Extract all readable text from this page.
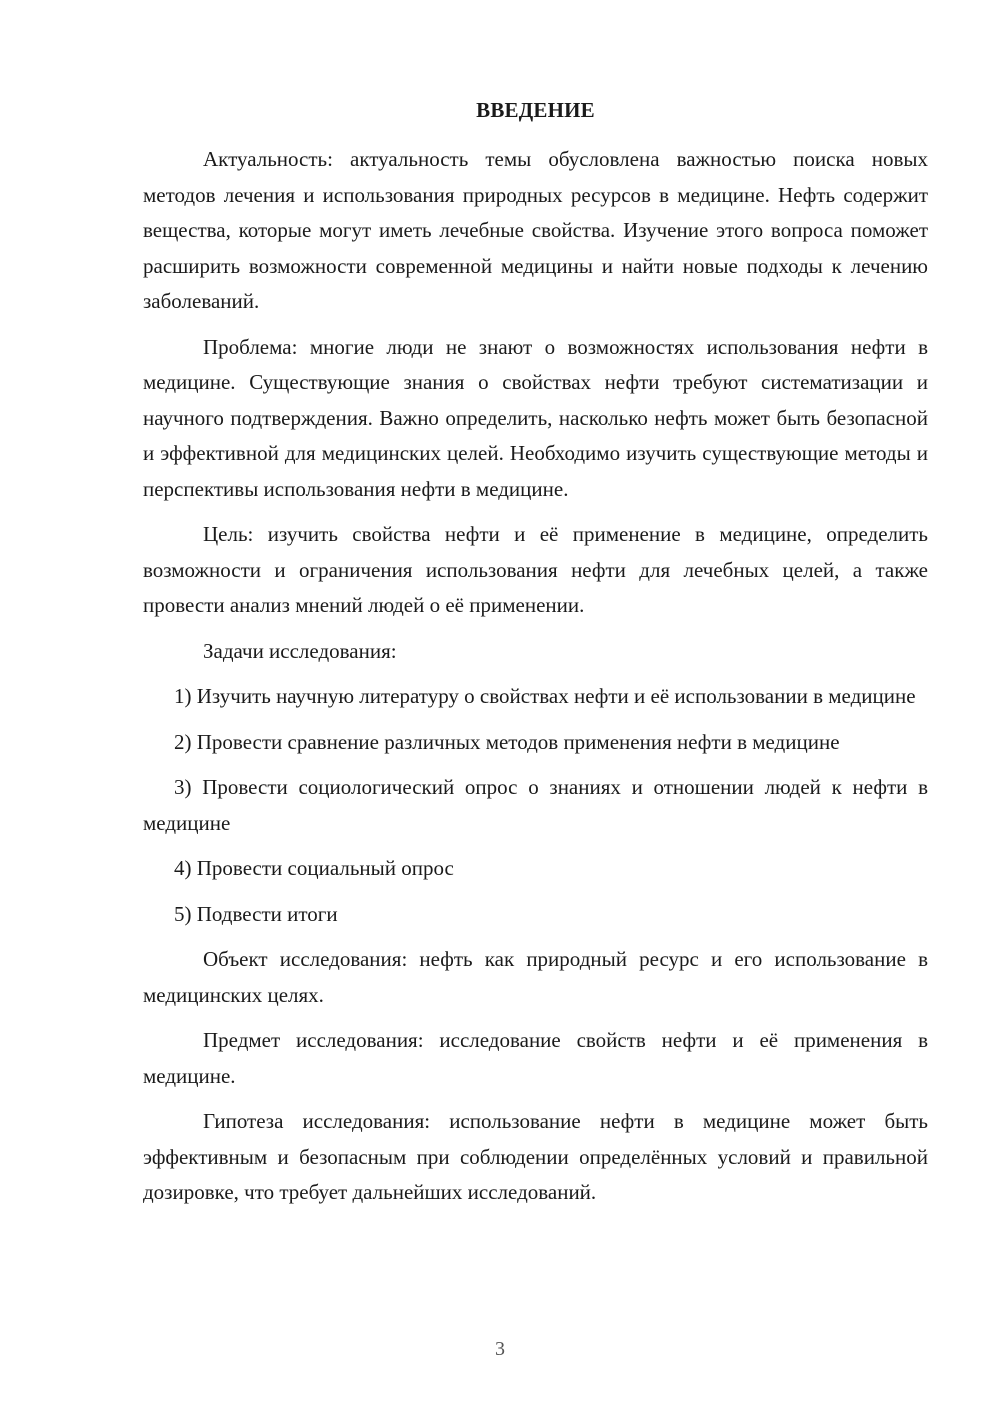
ВВЕДЕНИЕ

Актуальность: актуальность темы обусловлена важностью поиска новых методов лечения и использования природных ресурсов в медицине. Нефть содержит вещества, которые могут иметь лечебные свойства. Изучение этого вопроса поможет расширить возможности современной медицины и найти новые подходы к лечению заболеваний.

Проблема: многие люди не знают о возможностях использования нефти в медицине. Существующие знания о свойствах нефти требуют систематизации и научного подтверждения. Важно определить, насколько нефть может быть безопасной и эффективной для медицинских целей. Необходимо изучить существующие методы и перспективы использования нефти в медицине.

Цель: изучить свойства нефти и её применение в медицине, определить возможности и ограничения использования нефти для лечебных целей, а также провести анализ мнений людей о её применении.

Задачи исследования:

1) Изучить научную литературу о свойствах нефти и её использовании в медицине

2) Провести сравнение различных методов применения нефти в медицине

3) Провести социологический опрос о знаниях и отношении людей к нефти в медицине

4) Провести социальный опрос

5) Подвести итоги

Объект исследования: нефть как природный ресурс и его использование в медицинских целях.

Предмет исследования: исследование свойств нефти и её применения в медицине.

Гипотеза исследования: использование нефти в медицине может быть эффективным и безопасным при соблюдении определённых условий и правильной дозировке, что требует дальнейших исследований.

3
